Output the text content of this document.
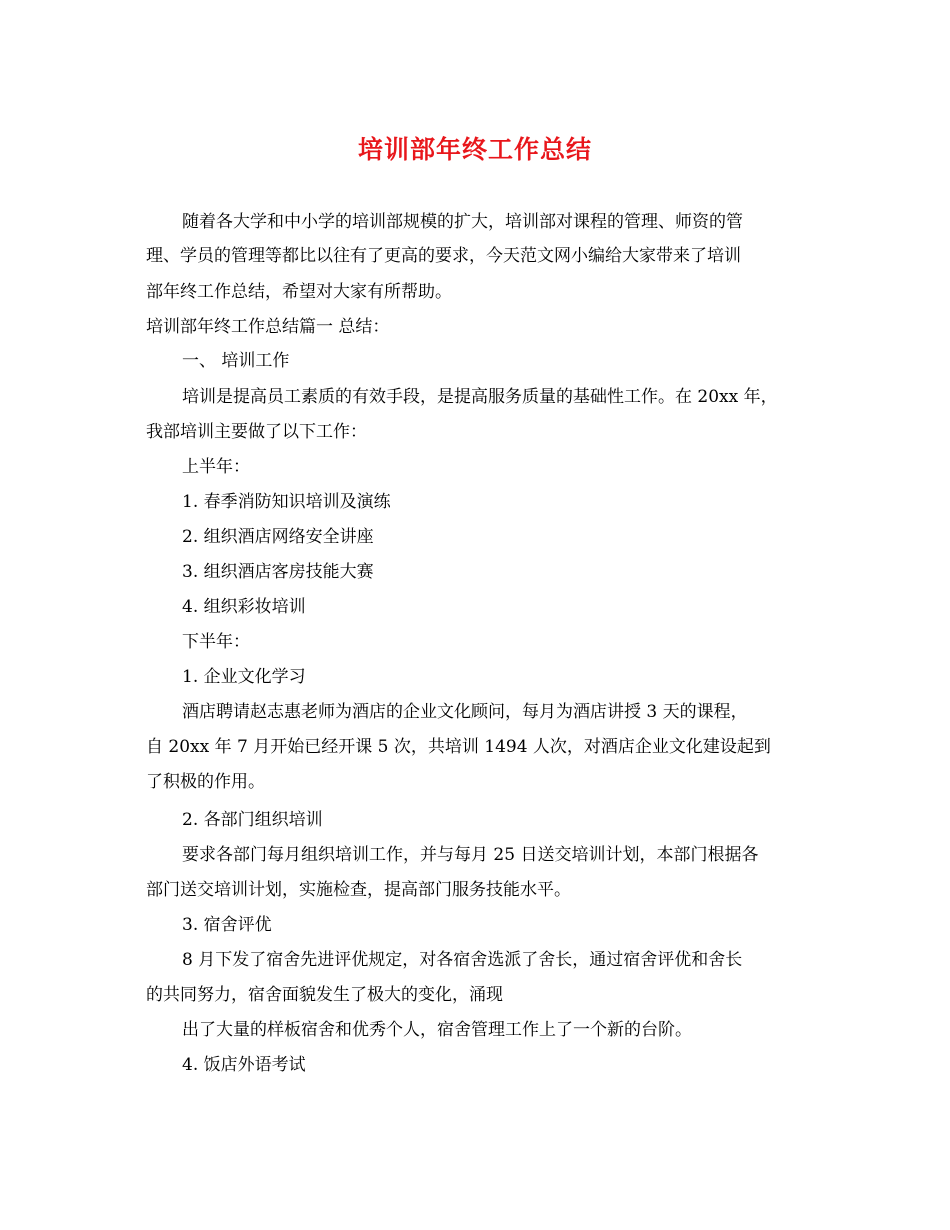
培训部年终工作总结
随着各大学和中小学的培训部规模的扩大，培训部对课程的管理、师资的管
理、学员的管理等都比以往有了更高的要求，今天范文网小编给大家带来了培训
部年终工作总结，希望对大家有所帮助。
培训部年终工作总结篇一 总结：
一、 培训工作
培训是提高员工素质的有效手段，是提高服务质量的基础性工作。在 20xx 年，
我部培训主要做了以下工作：
上半年：
1. 春季消防知识培训及演练
2. 组织酒店网络安全讲座
3. 组织酒店客房技能大赛
4. 组织彩妆培训
下半年：
1. 企业文化学习
酒店聘请赵志惠老师为酒店的企业文化顾问，每月为酒店讲授 3 天的课程，
自 20xx 年 7 月开始已经开课 5 次，共培训 1494 人次，对酒店企业文化建设起到
了积极的作用。
2. 各部门组织培训
要求各部门每月组织培训工作，并与每月 25 日送交培训计划，本部门根据各
部门送交培训计划，实施检查，提高部门服务技能水平。
3. 宿舍评优
8 月下发了宿舍先进评优规定，对各宿舍选派了舍长，通过宿舍评优和舍长
的共同努力，宿舍面貌发生了极大的变化，涌现
出了大量的样板宿舍和优秀个人，宿舍管理工作上了一个新的台阶。
4. 饭店外语考试
